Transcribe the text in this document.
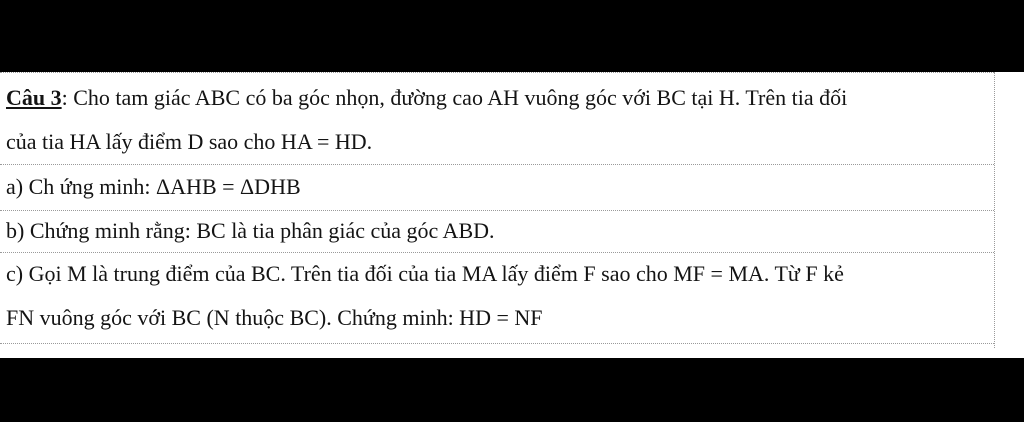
Câu 3: Cho tam giác ABC có ba góc nhọn, đường cao AH vuông góc với BC tại H. Trên tia đối
của tia HA lấy điểm D sao cho HA = HD.
a) Ch ứng minh: ΔAHB = ΔDHB
b) Chứng minh rằng: BC là tia phân giác của góc ABD.
c) Gọi M là trung điểm của BC. Trên tia đối của tia MA lấy điểm F sao cho MF = MA. Từ F kẻ
FN vuông góc với BC (N thuộc BC). Chứng minh: HD = NF
